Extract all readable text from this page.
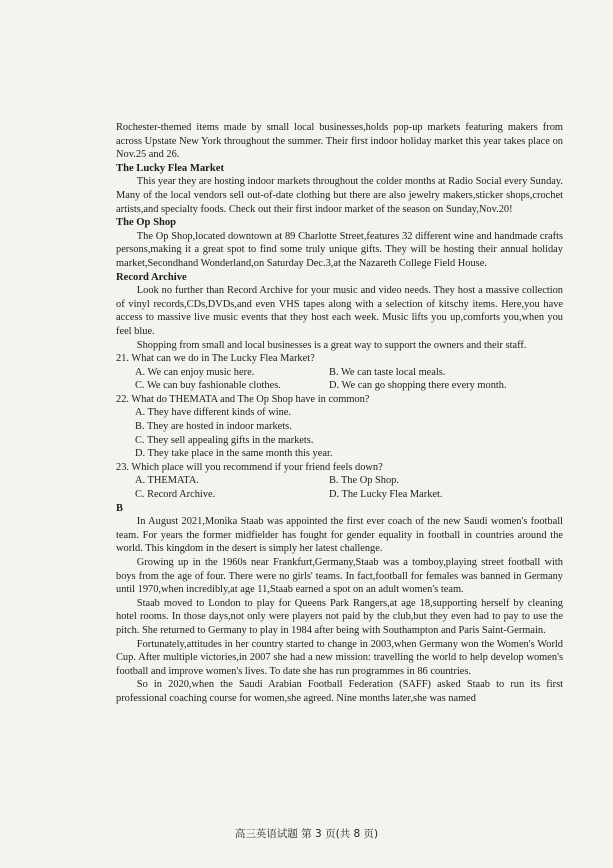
Rochester-themed items made by small local businesses,holds pop-up markets featuring makers from across Upstate New York throughout the summer. Their first indoor holiday market this year takes place on Nov.25 and 26.

The Lucky Flea Market

This year they are hosting indoor markets throughout the colder months at Radio Social every Sunday. Many of the local vendors sell out-of-date clothing but there are also jewelry makers,sticker shops,crochet artists,and specialty foods. Check out their first indoor market of the season on Sunday,Nov.20!

The Op Shop

The Op Shop,located downtown at 89 Charlotte Street,features 32 different wine and handmade crafts persons,making it a great spot to find some truly unique gifts. They will be hosting their annual holiday market,Secondhand Wonderland,on Saturday Dec.3,at the Nazareth College Field House.

Record Archive

Look no further than Record Archive for your music and video needs. They host a massive collection of vinyl records,CDs,DVDs,and even VHS tapes along with a selection of kitschy items. Here,you have access to massive live music events that they host each week. Music lifts you up,comforts you,when you feel blue.

Shopping from small and local businesses is a great way to support the owners and their staff.

21. What can we do in The Lucky Flea Market?

A. We can enjoy music here.	B. We can taste local meals.
C. We can buy fashionable clothes.	D. We can go shopping there every month.

22. What do THEMATA and The Op Shop have in common?

A. They have different kinds of wine.
B. They are hosted in indoor markets.
C. They sell appealing gifts in the markets.
D. They take place in the same month this year.

23. Which place will you recommend if your friend feels down?

A. THEMATA.	B. The Op Shop.
C. Record Archive.	D. The Lucky Flea Market.

B

In August 2021,Monika Staab was appointed the first ever coach of the new Saudi women's football team. For years the former midfielder has fought for gender equality in football in countries around the world. This kingdom in the desert is simply her latest challenge.

Growing up in the 1960s near Frankfurt,Germany,Staab was a tomboy,playing street football with boys from the age of four. There were no girls' teams. In fact,football for females was banned in Germany until 1970,when incredibly,at age 11,Staab earned a spot on an adult women's team.

Staab moved to London to play for Queens Park Rangers,at age 18,supporting herself by cleaning hotel rooms. In those days,not only were players not paid by the club,but they even had to pay to use the pitch. She returned to Germany to play in 1984 after being with Southampton and Paris Saint-Germain.

Fortunately,attitudes in her country started to change in 2003,when Germany won the Women's World Cup. After multiple victories,in 2007 she had a new mission: travelling the world to help develop women's football and improve women's lives. To date she has run programmes in 86 countries.

So in 2020,when the Saudi Arabian Football Federation (SAFF) asked Staab to run its first professional coaching course for women,she agreed. Nine months later,she was named

高三英语试题 第 3 页(共 8 页)
